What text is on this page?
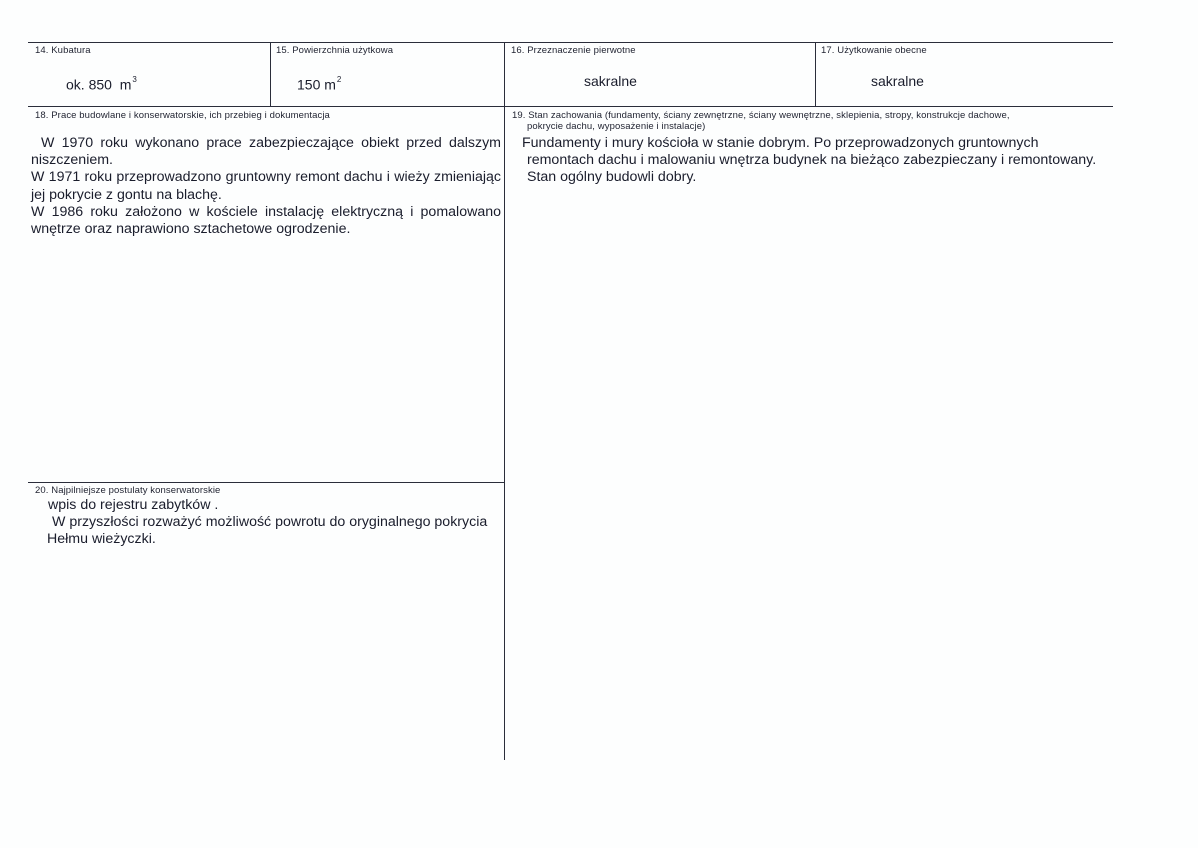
14. Kubatura
ok. 850  $m^3$
15. Powierzchnia użytkowa
150 $m^2$
16. Przeznaczenie pierwotne
sakralne
17. Użytkowanie obecne
sakralne
18. Prace budowlane i konserwatorskie, ich przebieg i dokumentacja

W 1970 roku wykonano prace zabezpieczające obiekt przed dalszym niszczeniem.

W 1971 roku przeprowadzono gruntowny remont dachu i wieży zmieniając jej pokrycie z gontu na blachę.

W 1986 roku założono w kościele instalację elektryczną i pomalowano wnętrze oraz naprawiono sztachetowe ogrodzenie.

19. Stan zachowania (fundamenty, ściany zewnętrzne, ściany wewnętrzne, sklepienia, stropy, konstrukcje dachowe,
pokrycie dachu, wyposażenie i instalacje)

Fundamenty i mury kościoła w stanie dobrym. Po przeprowadzonych gruntownych

remontach dachu i malowaniu wnętrza budynek na bieżąco zabezpieczany i remontowany.

Stan ogólny budowli dobry.

20. Najpilniejsze postulaty konserwatorskie

wpis do rejestru zabytków .

W przyszłości rozważyć możliwość powrotu do oryginalnego pokrycia

Hełmu wieżyczki.
